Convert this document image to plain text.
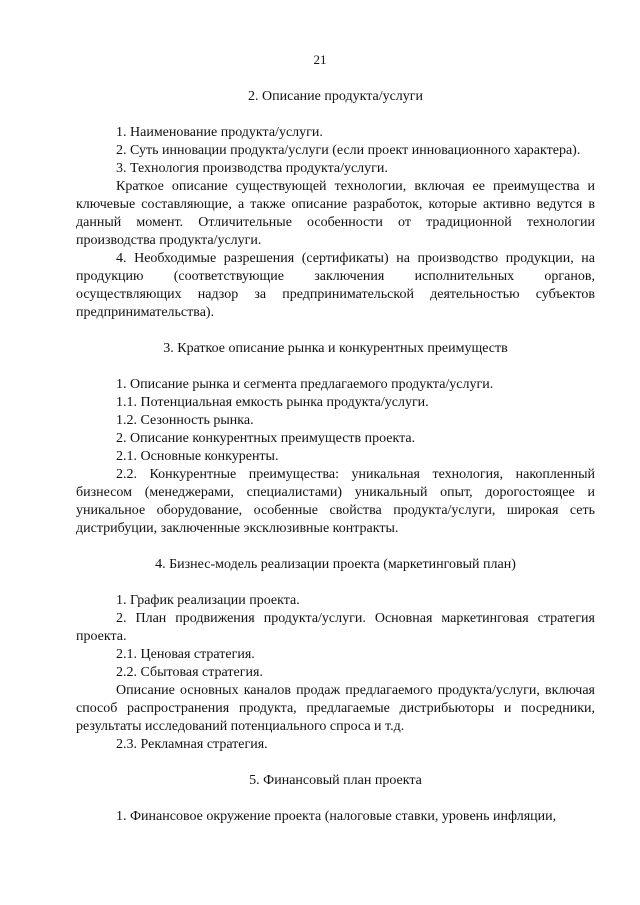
21

2. Описание продукта/услуги

1. Наименование продукта/услуги.

2. Суть инновации продукта/услуги (если проект инновационного характера).

3. Технология производства продукта/услуги.

Краткое описание существующей технологии, включая ее преимущества и ключевые составляющие, а также описание разработок, которые активно ведутся в данный момент. Отличительные особенности от традиционной технологии производства продукта/услуги.

4. Необходимые разрешения (сертификаты) на производство продукции, на продукцию (соответствующие заключения исполнительных органов, осуществляющих надзор за предпринимательской деятельностью субъектов предпринимательства).

3. Краткое описание рынка и конкурентных преимуществ

1. Описание рынка и сегмента предлагаемого продукта/услуги.

1.1. Потенциальная емкость рынка продукта/услуги.

1.2. Сезонность рынка.

2. Описание конкурентных преимуществ проекта.

2.1. Основные конкуренты.

2.2. Конкурентные преимущества: уникальная технология, накопленный бизнесом (менеджерами, специалистами) уникальный опыт, дорогостоящее и уникальное оборудование, особенные свойства продукта/услуги, широкая сеть дистрибуции, заключенные эксклюзивные контракты.

4. Бизнес-модель реализации проекта (маркетинговый план)

1. График реализации проекта.

2. План продвижения продукта/услуги. Основная маркетинговая стратегия проекта.

2.1. Ценовая стратегия.

2.2. Сбытовая стратегия.

Описание основных каналов продаж предлагаемого продукта/услуги, включая способ распространения продукта, предлагаемые дистрибьюторы и посредники, результаты исследований потенциального спроса и т.д.

2.3. Рекламная стратегия.

5. Финансовый план проекта

1. Финансовое окружение проекта (налоговые ставки, уровень инфляции,
